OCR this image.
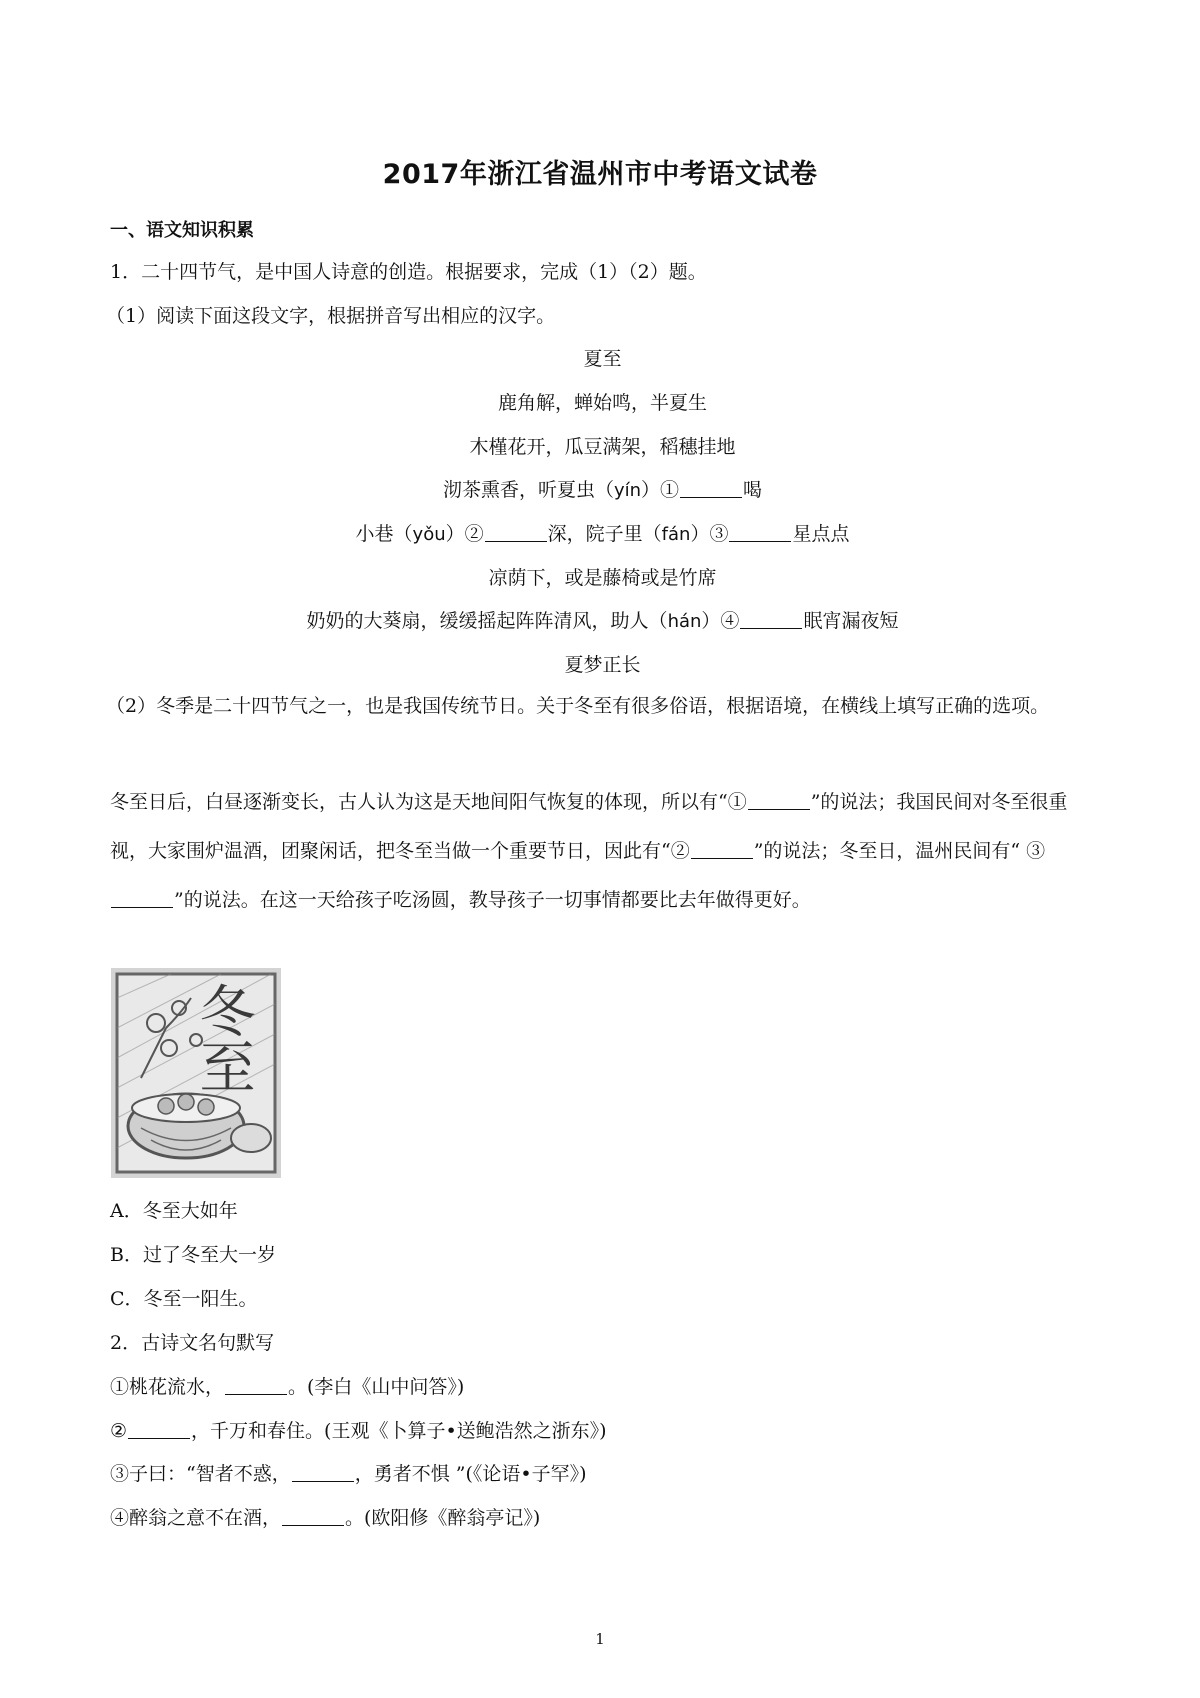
2017年浙江省温州市中考语文试卷
一、语文知识积累
1．二十四节气，是中国人诗意的创造。根据要求，完成（1）（2）题。
（1）阅读下面这段文字，根据拼音写出相应的汉字。
夏至
鹿角解，蝉始鸣，半夏生
木槿花开，瓜豆满架，稻穗挂地
沏茶熏香，听夏虫（yín）①	喝
小巷（yǒu）②	深，院子里（fán）③	星点点
凉荫下，或是藤椅或是竹席
奶奶的大葵扇，缓缓摇起阵阵清风，助人（hán）④	眠宵漏夜短
夏梦正长
（2）冬季是二十四节气之一，也是我国传统节日。关于冬至有很多俗语，根据语境，在横线上填写正确的选项。
冬至日后，白昼逐渐变长，古人认为这是天地间阳气恢复的体现，所以有“①	”的说法；我国民间对冬至很重视，大家围炉温酒，团聚闲话，把冬至当做一个重要节日，因此有“②	”的说法；冬至日，温州民间有“ ③”的说法。在这一天给孩子吃汤圆，教导孩子一切事情都要比去年做得更好。
冬至
A．冬至大如年
B．过了冬至大一岁
C．冬至一阳生。
2．古诗文名句默写
①桃花流水，	。(李白《山中问答》)
②	，千万和春住。(王观《卜算子•送鲍浩然之浙东》)
③子曰：“智者不惑，	，勇者不惧 ”(《论语•子罕》)
④醉翁之意不在酒，	。(欧阳修《醉翁亭记》)
1
